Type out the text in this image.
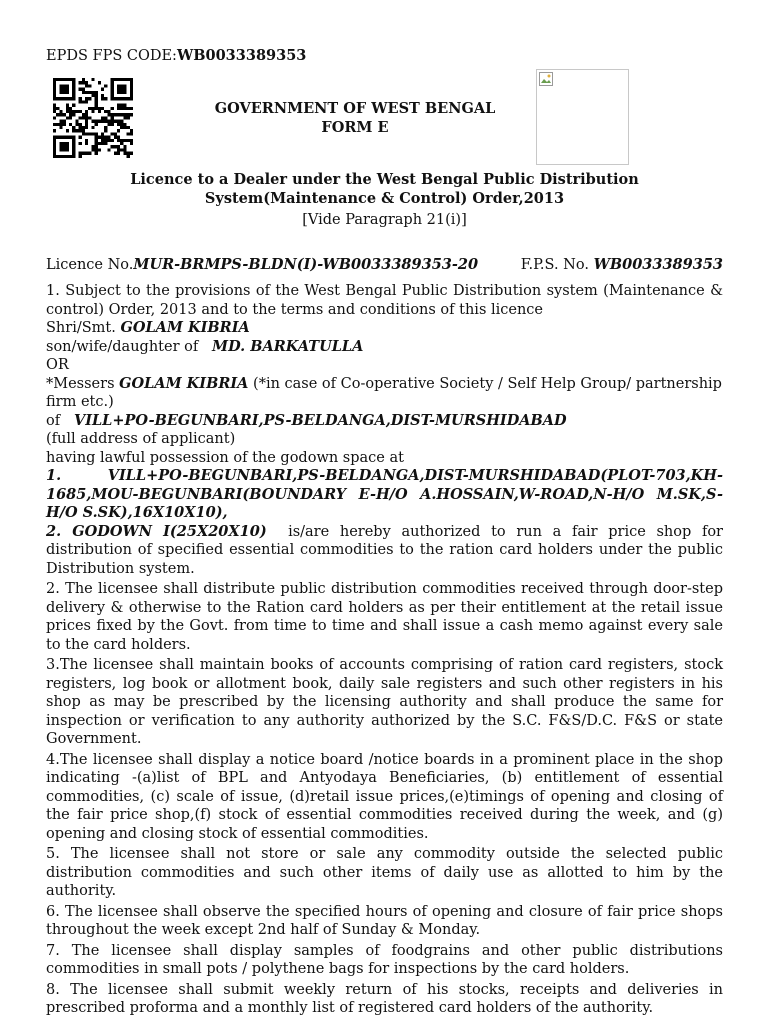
EPDS FPS CODE:WB0033389353
GOVERNMENT OF WEST BENGAL
FORM E
Licence to a Dealer under the West Bengal Public Distribution System(Maintenance & Control) Order,2013
[Vide Paragraph 21(i)]
Licence No.MUR-BRMPS-BLDN(I)-WB0033389353-20	F.P.S. No. WB0033389353

1. Subject to the provisions of the West Bengal Public Distribution system (Maintenance & control) Order, 2013 and to the terms and conditions of this licence

Shri/Smt. GOLAM KIBRIA

son/wife/daughter of MD. BARKATULLA

OR

*Messers GOLAM KIBRIA (*in case of Co-operative Society / Self Help Group/ partnership firm etc.)

of VILL+PO-BEGUNBARI,PS-BELDANGA,DIST-MURSHIDABAD

(full address of applicant)

having lawful possession of the godown space at

1.      VILL+PO-BEGUNBARI,PS-BELDANGA,DIST-MURSHIDABAD(PLOT-703,KH-1685,MOU-BEGUNBARI(BOUNDARY E-H/O A.HOSSAIN,W-ROAD,N-H/O M.SK,S-H/O S.SK),16X10X10),

2. GODOWN I(25X20X10) is/are hereby authorized to run a fair price shop for distribution of specified essential commodities to the ration card holders under the public Distribution system.

2. The licensee shall distribute public distribution commodities received through door-step delivery & otherwise to the Ration card holders as per their entitlement at the retail issue prices fixed by the Govt. from time to time and shall issue a cash memo against every sale to the card holders.

3.The licensee shall maintain books of accounts comprising of ration card registers, stock registers, log book or allotment book, daily sale registers and such other registers in his shop as may be prescribed by the licensing authority and shall produce the same for inspection or verification to any authority authorized by the S.C. F&S/D.C. F&S or state Government.

4.The licensee shall display a notice board /notice boards in a prominent place in the shop indicating -(a)list of BPL and Antyodaya Beneficiaries, (b) entitlement of essential commodities, (c) scale of issue, (d)retail issue prices,(e)timings of opening and closing of the fair price shop,(f) stock of essential commodities received during the week, and (g) opening and closing stock of essential commodities.

5. The licensee shall not store or sale any commodity outside the selected public distribution commodities and such other items of daily use as allotted to him by the authority.

6. The licensee shall observe the specified hours of opening and closure of fair price shops throughout the week except 2nd half of Sunday & Monday.

7. The licensee shall display samples of foodgrains and other public distributions commodities in small pots / polythene bags for inspections by the card holders.

8. The licensee shall submit weekly return of his stocks, receipts and deliveries in prescribed proforma and a monthly list of registered card holders of the authority.
